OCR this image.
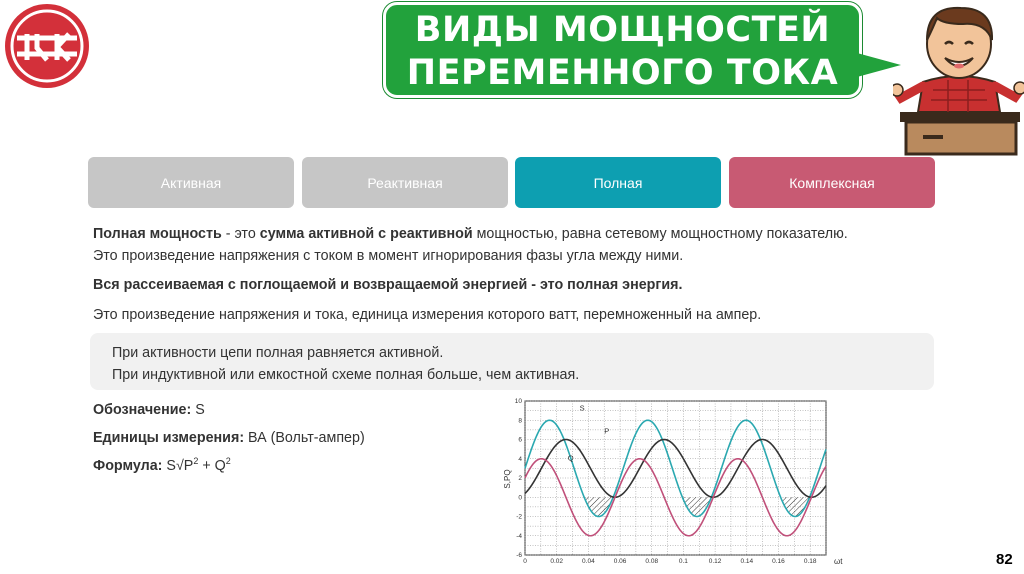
ВИДЫ МОЩНОСТЕЙ
ПЕРЕМЕННОГО ТОКА
Активная	Реактивная	Полная	Комплексная

Полная мощность - это сумма активной с реактивной мощностью, равна сетевому мощностному показателю.
Это произведение напряжения с током в момент игнорирования фазы угла между ними.

Вся рассеиваемая с поглощаемой и возвращаемой энергией - это полная энергия.

Это произведение напряжения и тока, единица измерения которого ватт, перемноженный на ампер.

При активности цепи полная равняется активной.
При индуктивной или емкостной схеме полная больше, чем активная.
Обозначение: S
Единицы измерения: ВА (Вольт-ампер)
Формула: $S√P^2 + Q^2$
S
P
Q
0	0.02	0.04	0.06	0.08	0.1	0.12	0.14	0.16	0.18
-6
-4
-2
0
2
4
6
8
10
S,PQ
ωt	82
